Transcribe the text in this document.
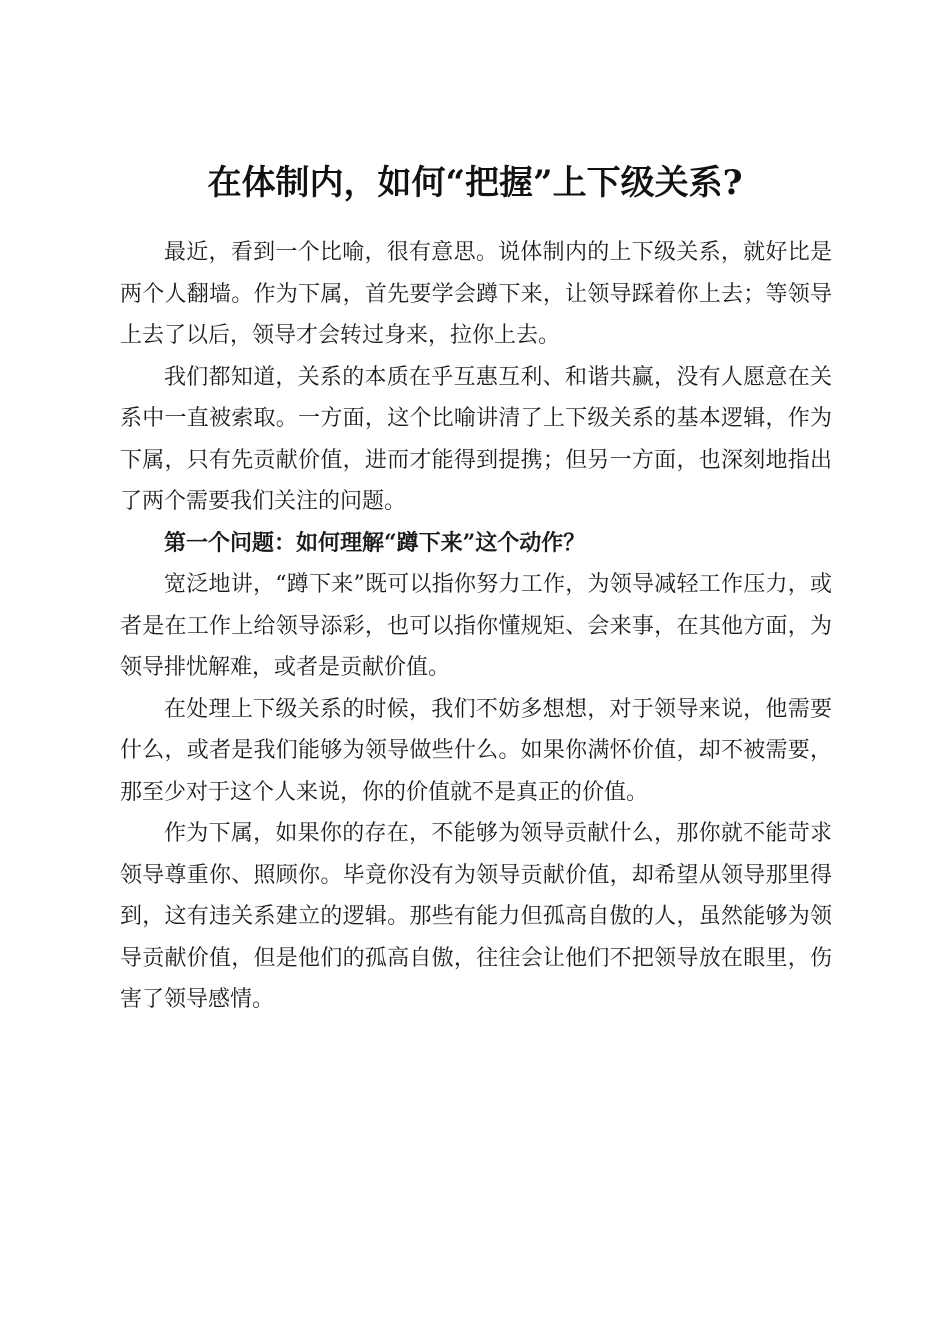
在体制内，如何“把握”上下级关系?

最近，看到一个比喻，很有意思。说体制内的上下级关系，就好比是两个人翻墙。作为下属，首先要学会蹲下来，让领导踩着你上去；等领导上去了以后，领导才会转过身来，拉你上去。

我们都知道，关系的本质在乎互惠互利、和谐共赢，没有人愿意在关系中一直被索取。一方面，这个比喻讲清了上下级关系的基本逻辑，作为下属，只有先贡献价值，进而才能得到提携；但另一方面，也深刻地指出了两个需要我们关注的问题。

第一个问题：如何理解“蹲下来”这个动作？

宽泛地讲，“蹲下来”既可以指你努力工作，为领导减轻工作压力，或者是在工作上给领导添彩，也可以指你懂规矩、会来事，在其他方面，为领导排忧解难，或者是贡献价值。

在处理上下级关系的时候，我们不妨多想想，对于领导来说，他需要什么，或者是我们能够为领导做些什么。如果你满怀价值，却不被需要，那至少对于这个人来说，你的价值就不是真正的价值。

作为下属，如果你的存在，不能够为领导贡献什么，那你就不能苛求领导尊重你、照顾你。毕竟你没有为领导贡献价值，却希望从领导那里得到，这有违关系建立的逻辑。那些有能力但孤高自傲的人，虽然能够为领导贡献价值，但是他们的孤高自傲，往往会让他们不把领导放在眼里，伤害了领导感情。
